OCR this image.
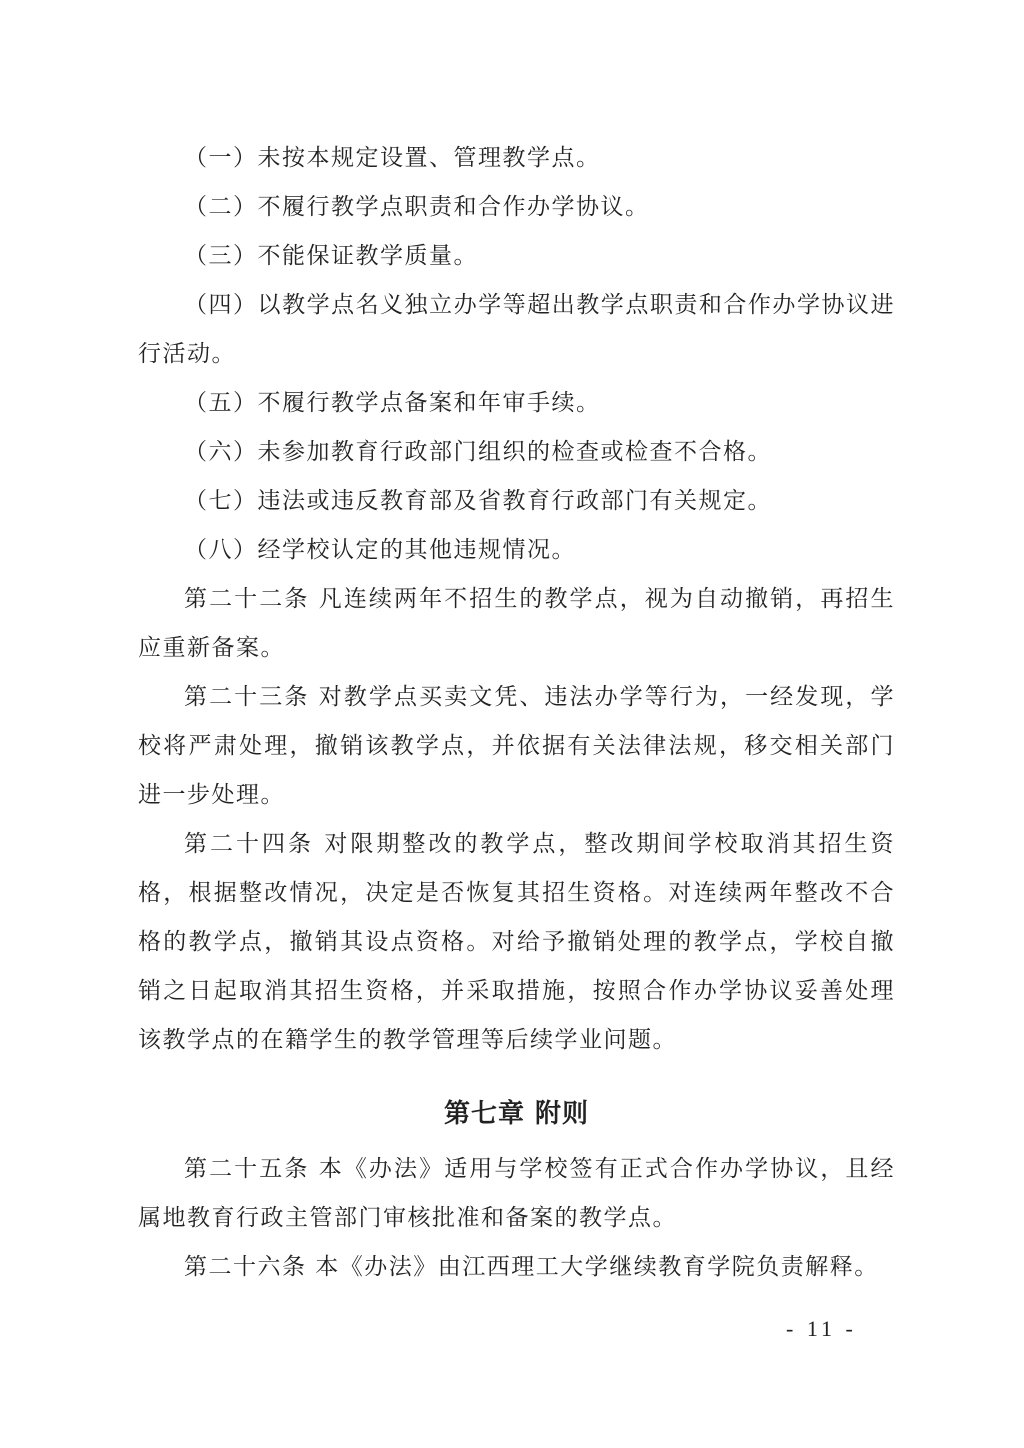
（一）未按本规定设置、管理教学点。

（二）不履行教学点职责和合作办学协议。

（三）不能保证教学质量。

（四）以教学点名义独立办学等超出教学点职责和合作办学协议进行活动。

（五）不履行教学点备案和年审手续。

（六）未参加教育行政部门组织的检查或检查不合格。

（七）违法或违反教育部及省教育行政部门有关规定。

（八）经学校认定的其他违规情况。

第二十二条 凡连续两年不招生的教学点，视为自动撤销，再招生应重新备案。

第二十三条 对教学点买卖文凭、违法办学等行为，一经发现，学校将严肃处理，撤销该教学点，并依据有关法律法规，移交相关部门进一步处理。

第二十四条 对限期整改的教学点，整改期间学校取消其招生资格，根据整改情况，决定是否恢复其招生资格。对连续两年整改不合格的教学点，撤销其设点资格。对给予撤销处理的教学点，学校自撤销之日起取消其招生资格，并采取措施，按照合作办学协议妥善处理该教学点的在籍学生的教学管理等后续学业问题。

第七章 附则

第二十五条 本《办法》适用与学校签有正式合作办学协议，且经属地教育行政主管部门审核批准和备案的教学点。

第二十六条 本《办法》由江西理工大学继续教育学院负责解释。

- 11 -
